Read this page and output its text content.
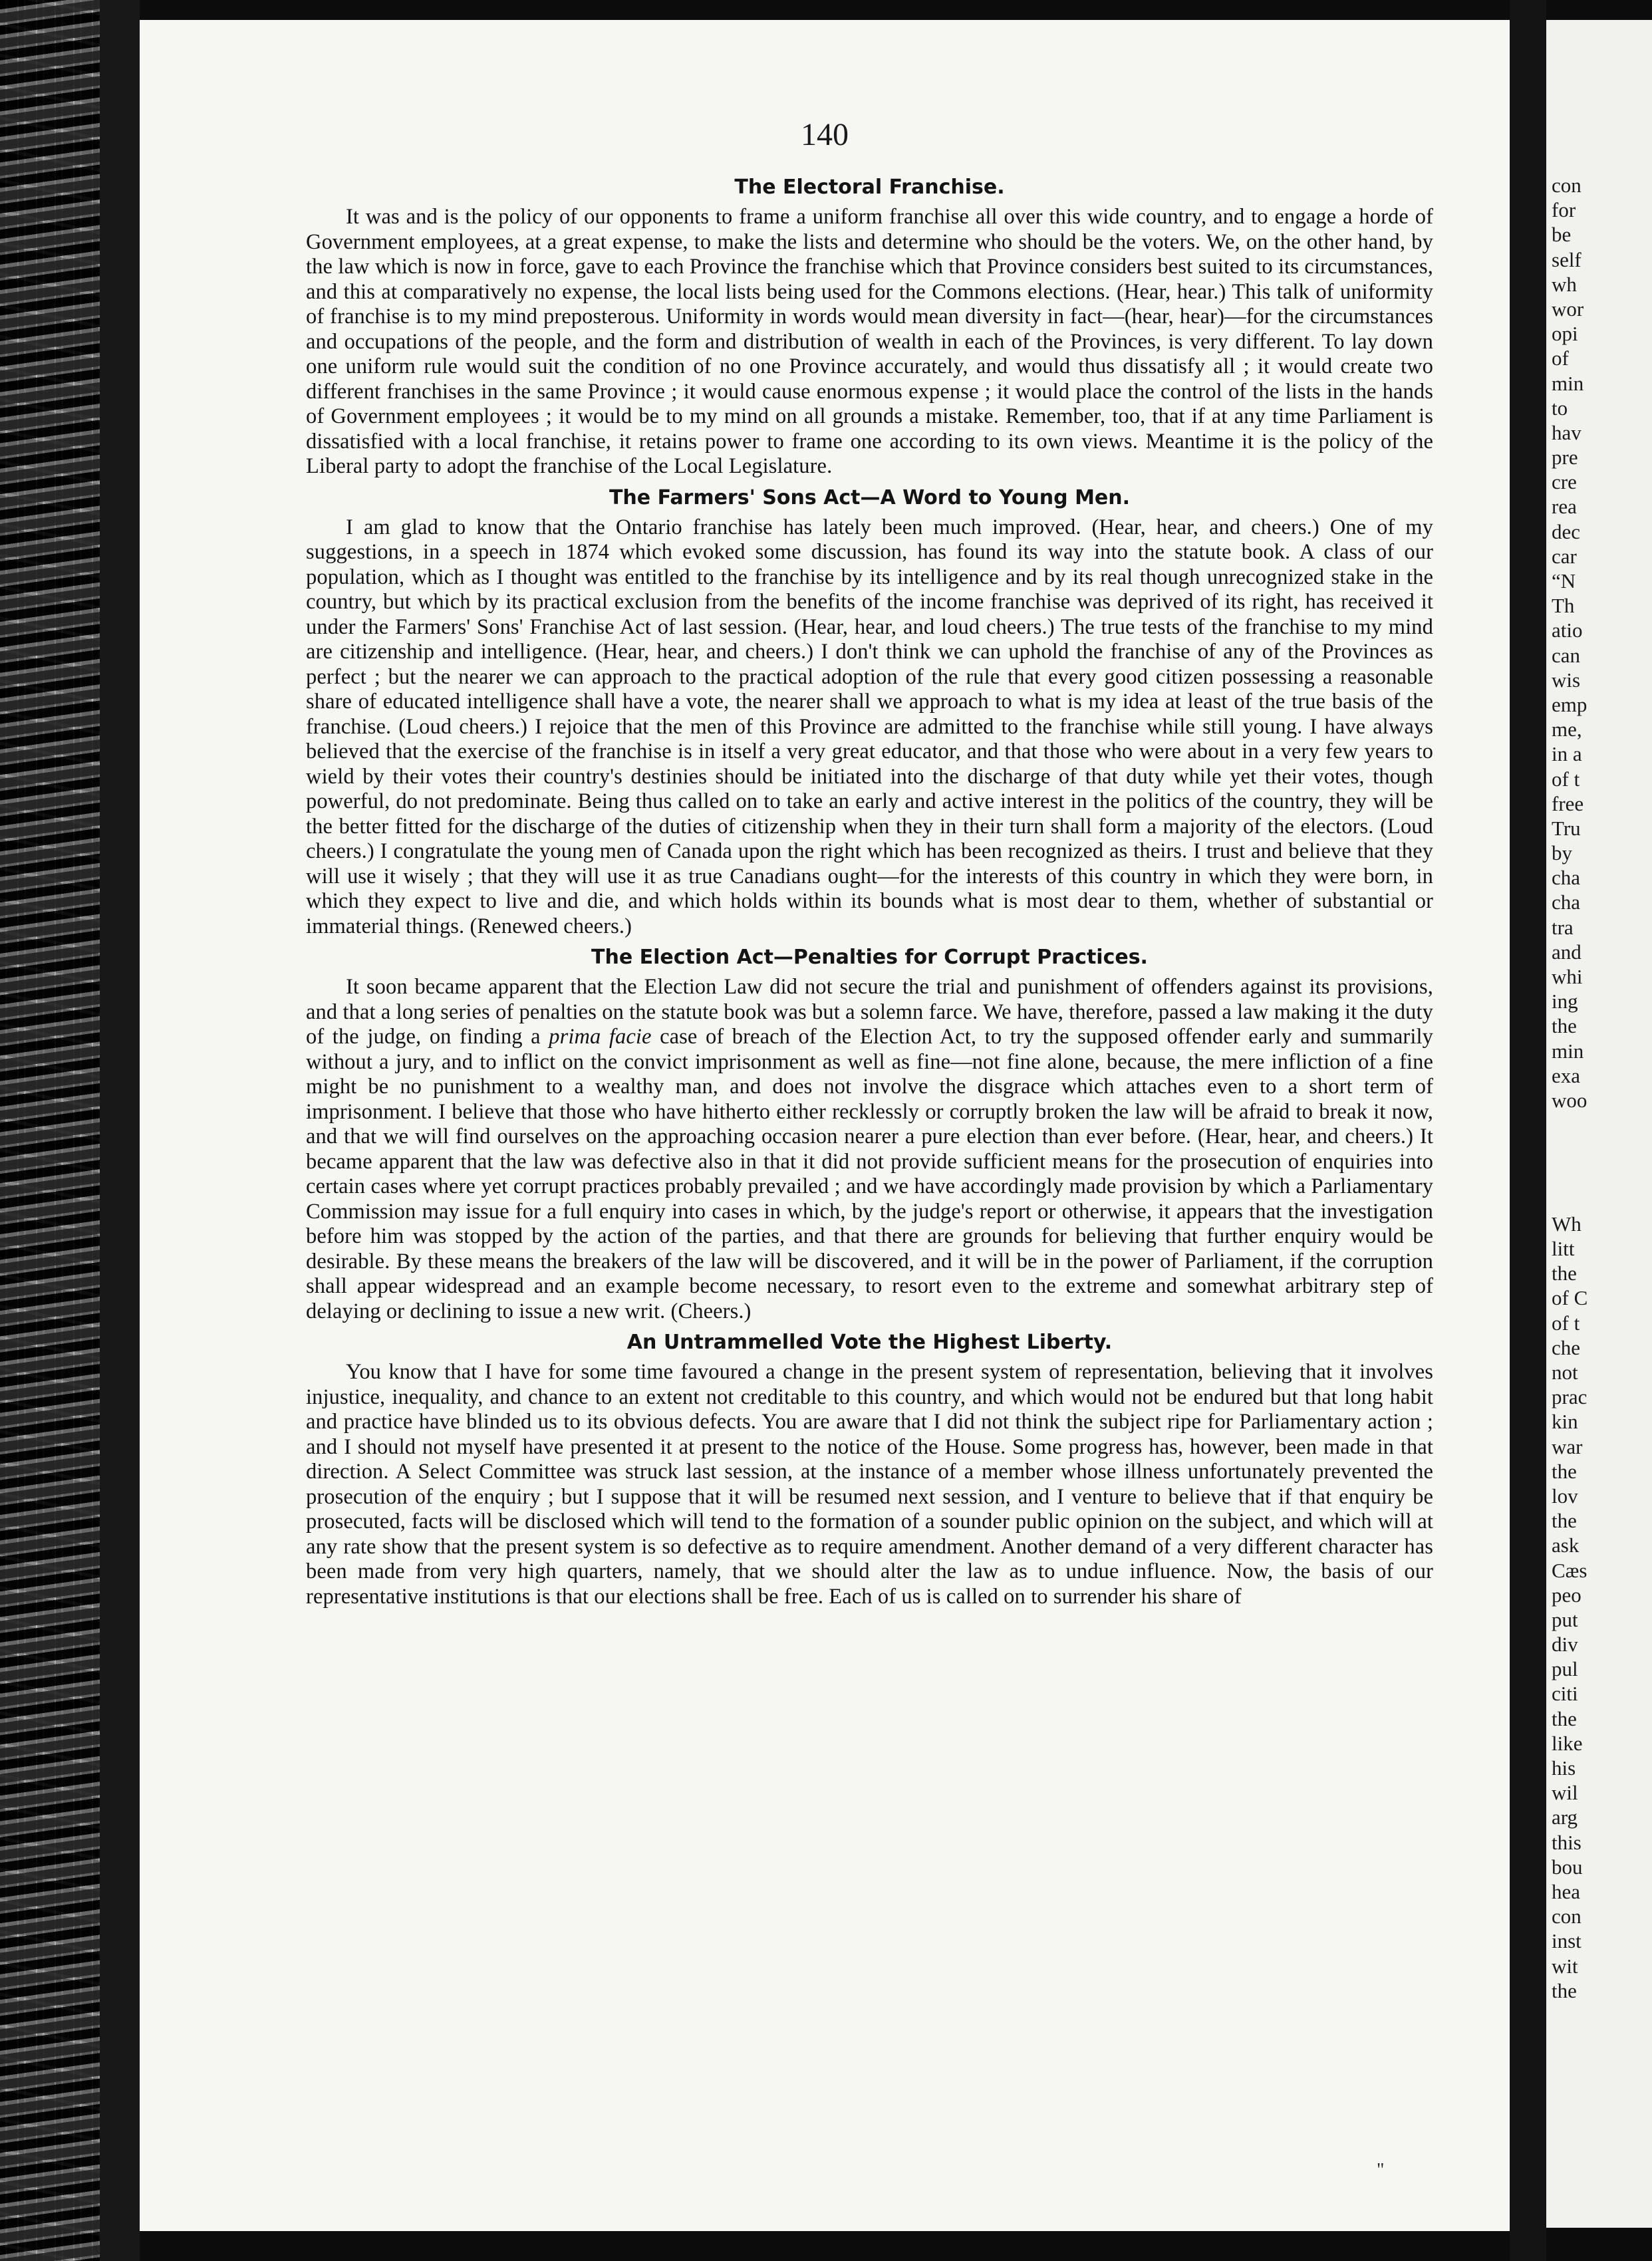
140

The Electoral Franchise.

It was and is the policy of our opponents to frame a uniform franchise all over this wide country, and to engage a horde of Government employees, at a great expense, to make the lists and determine who should be the voters. We, on the other hand, by the law which is now in force, gave to each Province the franchise which that Province considers best suited to its circumstances, and this at comparatively no expense, the local lists being used for the Commons elections. (Hear, hear.) This talk of uniformity of franchise is to my mind preposterous. Uniformity in words would mean diversity in fact—(hear, hear)—for the circumstances and occupations of the people, and the form and distribution of wealth in each of the Provinces, is very different. To lay down one uniform rule would suit the condition of no one Province accurately, and would thus dissatisfy all ; it would create two different franchises in the same Province ; it would cause enormous expense ; it would place the control of the lists in the hands of Government employees ; it would be to my mind on all grounds a mistake. Remember, too, that if at any time Parliament is dissatisfied with a local franchise, it retains power to frame one according to its own views. Meantime it is the policy of the Liberal party to adopt the franchise of the Local Legislature.

The Farmers' Sons Act—A Word to Young Men.

I am glad to know that the Ontario franchise has lately been much improved. (Hear, hear, and cheers.) One of my suggestions, in a speech in 1874 which evoked some discussion, has found its way into the statute book. A class of our population, which as I thought was entitled to the franchise by its intelligence and by its real though unrecognized stake in the country, but which by its practical exclusion from the benefits of the income franchise was deprived of its right, has received it under the Farmers' Sons' Franchise Act of last session. (Hear, hear, and loud cheers.) The true tests of the franchise to my mind are citizenship and intelligence. (Hear, hear, and cheers.) I don't think we can uphold the franchise of any of the Provinces as perfect ; but the nearer we can approach to the practical adoption of the rule that every good citizen possessing a reasonable share of educated intelligence shall have a vote, the nearer shall we approach to what is my idea at least of the true basis of the franchise. (Loud cheers.) I rejoice that the men of this Province are admitted to the franchise while still young. I have always believed that the exercise of the franchise is in itself a very great educator, and that those who were about in a very few years to wield by their votes their country's destinies should be initiated into the discharge of that duty while yet their votes, though powerful, do not predominate. Being thus called on to take an early and active interest in the politics of the country, they will be the better fitted for the discharge of the duties of citizenship when they in their turn shall form a majority of the electors. (Loud cheers.) I congratulate the young men of Canada upon the right which has been recognized as theirs. I trust and believe that they will use it wisely ; that they will use it as true Canadians ought—for the interests of this country in which they were born, in which they expect to live and die, and which holds within its bounds what is most dear to them, whether of substantial or immaterial things. (Renewed cheers.)

The Election Act—Penalties for Corrupt Practices.

It soon became apparent that the Election Law did not secure the trial and punishment of offenders against its provisions, and that a long series of penalties on the statute book was but a solemn farce. We have, therefore, passed a law making it the duty of the judge, on finding a prima facie case of breach of the Election Act, to try the supposed offender early and summarily without a jury, and to inflict on the convict imprisonment as well as fine—not fine alone, because, the mere infliction of a fine might be no punishment to a wealthy man, and does not involve the disgrace which attaches even to a short term of imprisonment. I believe that those who have hitherto either recklessly or corruptly broken the law will be afraid to break it now, and that we will find ourselves on the approaching occasion nearer a pure election than ever before. (Hear, hear, and cheers.) It became apparent that the law was defective also in that it did not provide sufficient means for the prosecution of enquiries into certain cases where yet corrupt practices probably prevailed ; and we have accordingly made provision by which a Parliamentary Commission may issue for a full enquiry into cases in which, by the judge's report or otherwise, it appears that the investigation before him was stopped by the action of the parties, and that there are grounds for believing that further enquiry would be desirable. By these means the breakers of the law will be discovered, and it will be in the power of Parliament, if the corruption shall appear widespread and an example become necessary, to resort even to the extreme and somewhat arbitrary step of delaying or declining to issue a new writ. (Cheers.)

An Untrammelled Vote the Highest Liberty.

You know that I have for some time favoured a change in the present system of representation, believing that it involves injustice, inequality, and chance to an extent not creditable to this country, and which would not be endured but that long habit and practice have blinded us to its obvious defects. You are aware that I did not think the subject ripe for Parliamentary action ; and I should not myself have presented it at present to the notice of the House. Some progress has, however, been made in that direction. A Select Committee was struck last session, at the instance of a member whose illness unfortunately prevented the prosecution of the enquiry ; but I suppose that it will be resumed next session, and I venture to believe that if that enquiry be prosecuted, facts will be disclosed which will tend to the formation of a sounder public opinion on the subject, and which will at any rate show that the present system is so defective as to require amendment. Another demand of a very different character has been made from very high quarters, namely, that we should alter the law as to undue influence. Now, the basis of our representative institutions is that our elections shall be free. Each of us is called on to surrender his share of

"

con

for

be

self

wh

wor

opi

of

min

to

hav

pre

cre

rea

dec

car

“N

Th

atio

can

wis

emp

me,

in a

of t

free

Tru

by

cha

cha

tra

and

whi

ing

the

min

exa

woo

Wh

litt

the

of C

of t

che

not

prac

kin

war

the

lov

the

ask

Cæs

peo

put

div

pul

citi

the

like

his

wil

arg

this

bou

hea

con

inst

wit

the
